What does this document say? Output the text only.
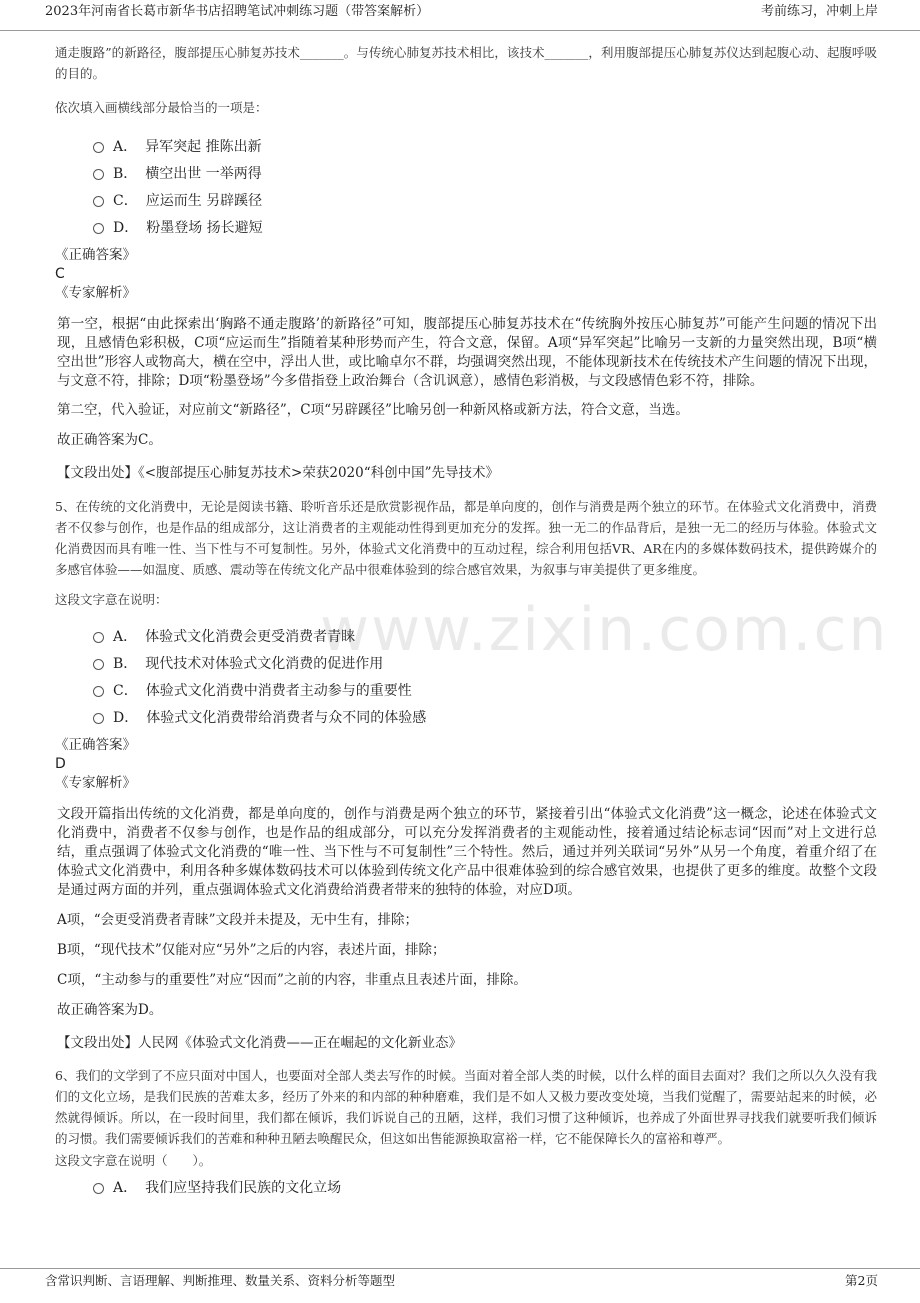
2023年河南省长葛市新华书店招聘笔试冲刺练习题（带答案解析）	考前练习，冲刺上岸
www.zixin.com.cn

通走腹路”的新路径，腹部提压心肺复苏技术_______。与传统心肺复苏技术相比，该技术_______，利用腹部提压心肺复苏仪达到起腹心动、起腹呼吸的目的。

依次填入画横线部分最恰当的一项是：

A． 异军突起 推陈出新
B． 横空出世 一举两得
C． 应运而生 另辟蹊径
D． 粉墨登场 扬长避短

《正确答案》

C

《专家解析》

第一空，根据“由此探索出‘胸路不通走腹路’的新路径”可知，腹部提压心肺复苏技术在“传统胸外按压心肺复苏”可能产生问题的情况下出现，且感情色彩积极，C项“应运而生”指随着某种形势而产生，符合文意，保留。A项“异军突起”比喻另一支新的力量突然出现，B项“横空出世”形容人或物高大，横在空中，浮出人世，或比喻卓尔不群，均强调突然出现，不能体现新技术在传统技术产生问题的情况下出现，与文意不符，排除；D项“粉墨登场”今多借指登上政治舞台（含讥讽意），感情色彩消极，与文段感情色彩不符，排除。

第二空，代入验证，对应前文“新路径”，C项“另辟蹊径”比喻另创一种新风格或新方法，符合文意，当选。

故正确答案为C。

【文段出处】《<腹部提压心肺复苏技术>荣获2020“科创中国”先导技术》

5、在传统的文化消费中，无论是阅读书籍、聆听音乐还是欣赏影视作品，都是单向度的，创作与消费是两个独立的环节。在体验式文化消费中，消费者不仅参与创作，也是作品的组成部分，这让消费者的主观能动性得到更加充分的发挥。独一无二的作品背后，是独一无二的经历与体验。体验式文化消费因而具有唯一性、当下性与不可复制性。另外，体验式文化消费中的互动过程，综合利用包括VR、AR在内的多媒体数码技术，提供跨媒介的多感官体验——如温度、质感、震动等在传统文化产品中很难体验到的综合感官效果，为叙事与审美提供了更多维度。

这段文字意在说明：

A． 体验式文化消费会更受消费者青睐
B． 现代技术对体验式文化消费的促进作用
C． 体验式文化消费中消费者主动参与的重要性
D． 体验式文化消费带给消费者与众不同的体验感

《正确答案》

D

《专家解析》

文段开篇指出传统的文化消费，都是单向度的，创作与消费是两个独立的环节，紧接着引出“体验式文化消费”这一概念，论述在体验式文化消费中，消费者不仅参与创作，也是作品的组成部分，可以充分发挥消费者的主观能动性，接着通过结论标志词“因而”对上文进行总结，重点强调了体验式文化消费的“唯一性、当下性与不可复制性”三个特性。然后，通过并列关联词“另外”从另一个角度，着重介绍了在体验式文化消费中，利用各种多媒体数码技术可以体验到传统文化产品中很难体验到的综合感官效果，也提供了更多的维度。故整个文段是通过两方面的并列，重点强调体验式文化消费给消费者带来的独特的体验，对应D项。

A项，“会更受消费者青睐”文段并未提及，无中生有，排除；

B项，“现代技术”仅能对应“另外”之后的内容，表述片面，排除；

C项，“主动参与的重要性”对应“因而”之前的内容，非重点且表述片面，排除。

故正确答案为D。

【文段出处】人民网《体验式文化消费——正在崛起的文化新业态》

6、我们的文学到了不应只面对中国人，也要面对全部人类去写作的时候。当面对着全部人类的时候，以什么样的面目去面对？我们之所以久久没有我们的文化立场，是我们民族的苦难太多，经历了外来的和内部的种种磨难，我们是不如人又极力要改变处境，当我们觉醒了，需要站起来的时候，必然就得倾诉。所以，在一段时间里，我们都在倾诉，我们诉说自己的丑陋，这样，我们习惯了这种倾诉，也养成了外面世界寻找我们就要听我们倾诉的习惯。我们需要倾诉我们的苦难和种种丑陋去唤醒民众，但这如出售能源换取富裕一样，它不能保障长久的富裕和尊严。

这段文字意在说明（　　）。

A． 我们应坚持我们民族的文化立场
含常识判断、言语理解、判断推理、数量关系、资料分析等题型	第2页
